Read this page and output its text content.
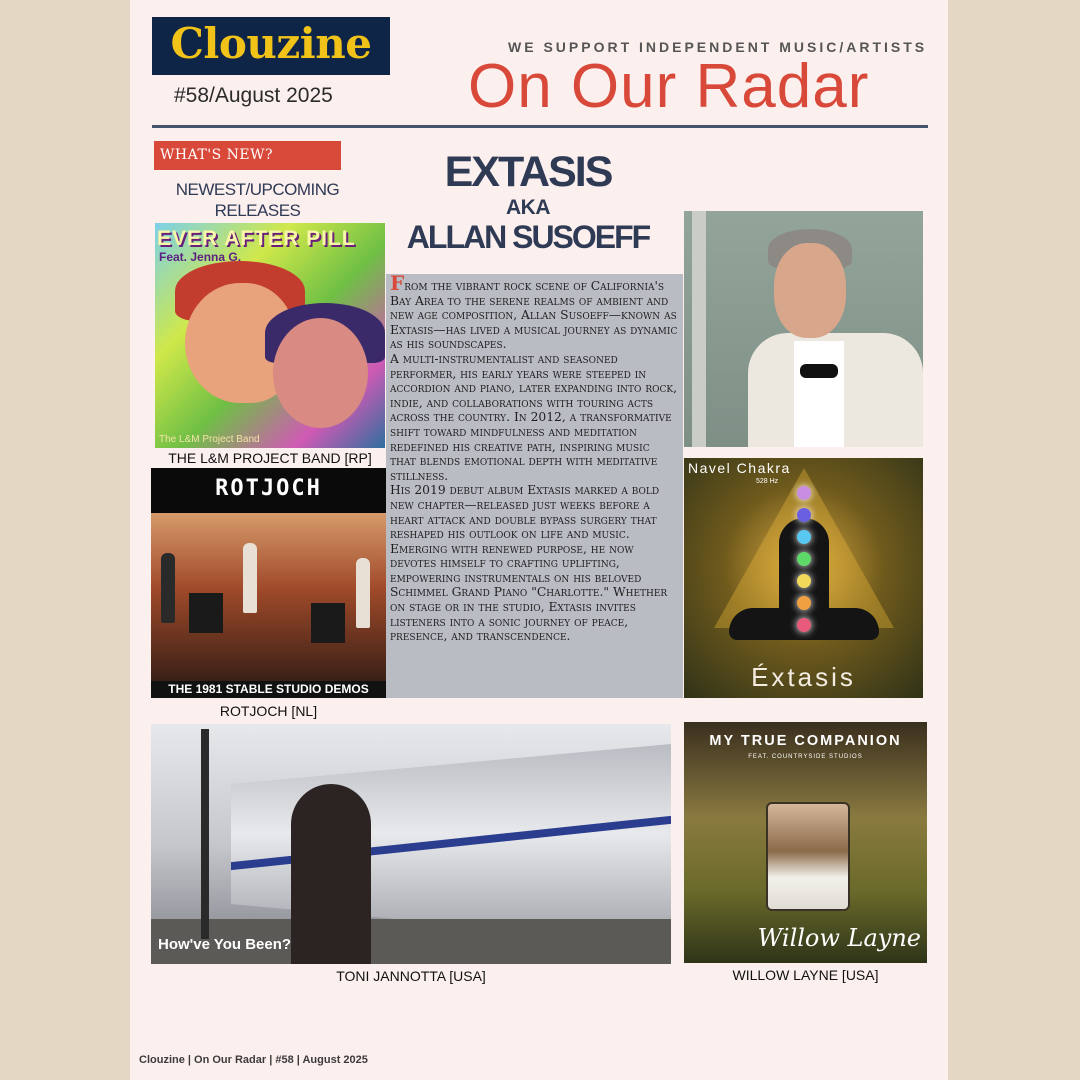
Clouzine
#58/August 2025
WE SUPPORT INDEPENDENT MUSIC/ARTISTS
On Our Radar
WHAT'S NEW?
NEWEST/UPCOMING
RELEASES
EXTASIS
AKA
ALLAN SUSOEFF
From the vibrant rock scene of California's Bay Area to the serene realms of ambient and new age composition, Allan Susoeff—known as Extasis—has lived a musical journey as dynamic as his soundscapes.
A multi-instrumentalist and seasoned performer, his early years were steeped in accordion and piano, later expanding into rock, indie, and collaborations with touring acts across the country. In 2012, a transformative shift toward mindfulness and meditation redefined his creative path, inspiring music that blends emotional depth with meditative stillness.
His 2019 debut album Extasis marked a bold new chapter—released just weeks before a heart attack and double bypass surgery that reshaped his outlook on life and music. Emerging with renewed purpose, he now devotes himself to crafting uplifting, empowering instrumentals on his beloved Schimmel Grand Piano "Charlotte." Whether on stage or in the studio, Extasis invites listeners into a sonic journey of peace, presence, and transcendence.
EVER AFTER PILL
Feat. Jenna G.
The L&M Project Band
THE L&M PROJECT BAND [RP]
ROTJOCH
THE 1981 STABLE STUDIO DEMOS
ROTJOCH [NL]
Navel Chakra
528 Hz
Éxtasis
How've You Been?
TONI JANNOTTA [USA]
MY TRUE COMPANION
FEAT. COUNTRYSIDE STUDIOS
Willow Layne
WILLOW LAYNE [USA]
Clouzine | On Our Radar | #58 | August 2025
